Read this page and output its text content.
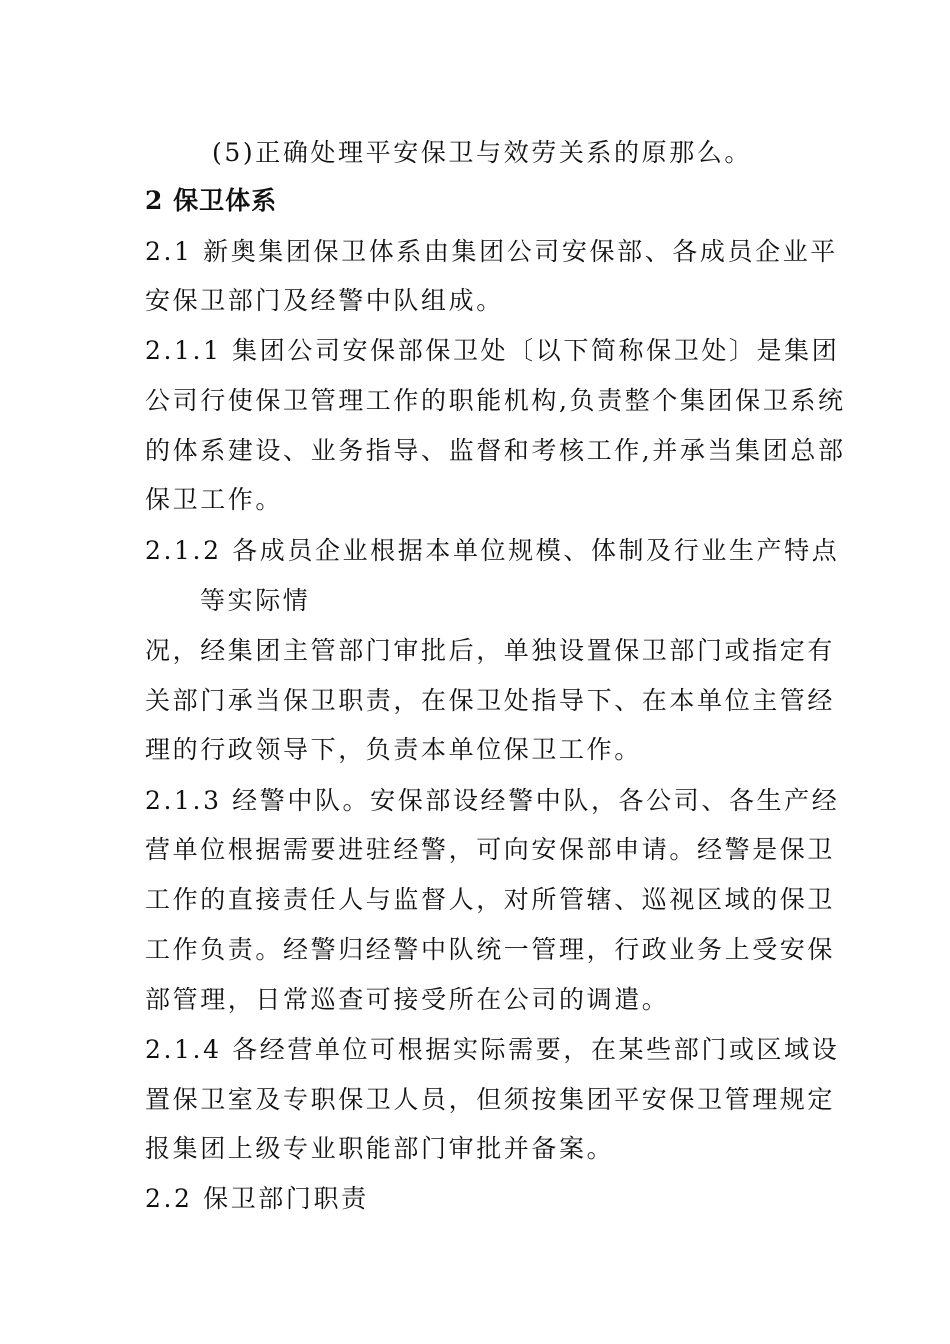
(5)正确处理平安保卫与效劳关系的原那么。
2 保卫体系
2.1 新奥集团保卫体系由集团公司安保部、各成员企业平
安保卫部门及经警中队组成。
2.1.1 集团公司安保部保卫处〔以下简称保卫处〕是集团
公司行使保卫管理工作的职能机构,负责整个集团保卫系统
的体系建设、业务指导、监督和考核工作,并承当集团总部
保卫工作。
2.1.2 各成员企业根据本单位规模、体制及行业生产特点
等实际情
况，经集团主管部门审批后，单独设置保卫部门或指定有
关部门承当保卫职责，在保卫处指导下、在本单位主管经
理的行政领导下，负责本单位保卫工作。
2.1.3 经警中队。安保部设经警中队，各公司、各生产经
营单位根据需要进驻经警，可向安保部申请。经警是保卫
工作的直接责任人与监督人，对所管辖、巡视区域的保卫
工作负责。经警归经警中队统一管理，行政业务上受安保
部管理，日常巡查可接受所在公司的调遣。
2.1.4 各经营单位可根据实际需要，在某些部门或区域设
置保卫室及专职保卫人员，但须按集团平安保卫管理规定
报集团上级专业职能部门审批并备案。
2.2 保卫部门职责
